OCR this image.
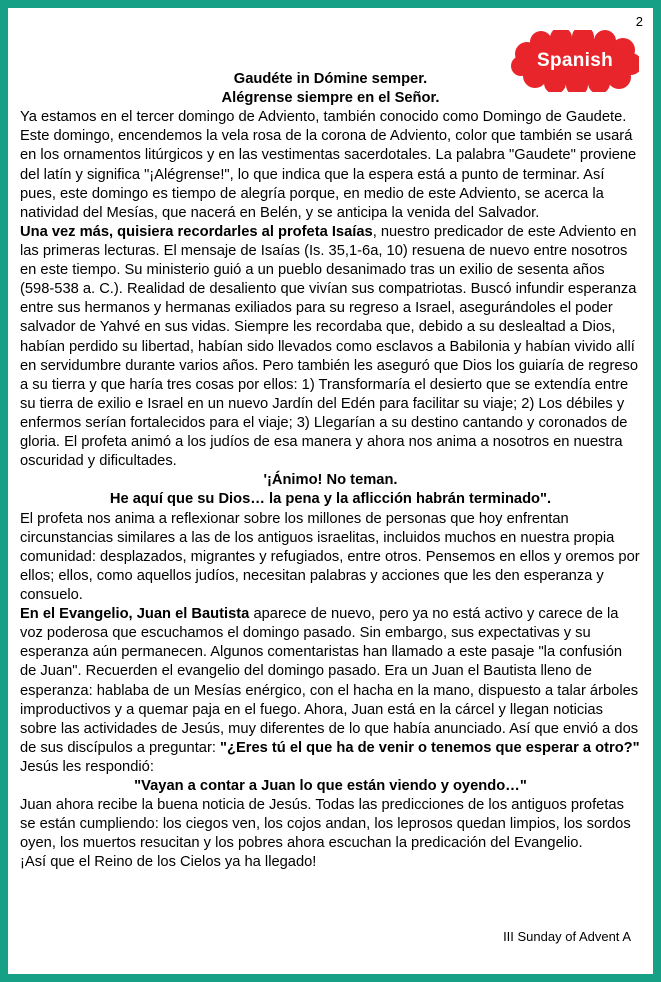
2
Spanish

Gaudéte in Dómine semper.

Alégrense siempre en el Señor.

Ya estamos en el tercer domingo de Adviento, también conocido como Domingo de Gaudete. Este domingo, encendemos la vela rosa de la corona de Adviento, color que también se usará en los ornamentos litúrgicos y en las vestimentas sacerdotales. La palabra "Gaudete" proviene del latín y significa "¡Alégrense!", lo que indica que la espera está a punto de terminar. Así pues, este domingo es tiempo de alegría porque, en medio de este Adviento, se acerca la natividad del Mesías, que nacerá en Belén, y se anticipa la venida del Salvador.

Una vez más, quisiera recordarles al profeta Isaías, nuestro predicador de este Adviento en las primeras lecturas. El mensaje de Isaías (Is. 35,1-6a, 10) resuena de nuevo entre nosotros en este tiempo. Su ministerio guió a un pueblo desanimado tras un exilio de sesenta años (598-538 a. C.). Realidad de desaliento que vivían sus compatriotas. Buscó infundir esperanza entre sus hermanos y hermanas exiliados para su regreso a Israel, asegurándoles el poder salvador de Yahvé en sus vidas. Siempre les recordaba que, debido a su deslealtad a Dios, habían perdido su libertad, habían sido llevados como esclavos a Babilonia y habían vivido allí en servidumbre durante varios años. Pero también les aseguró que Dios los guiaría de regreso a su tierra y que haría tres cosas por ellos: 1) Transformaría el desierto que se extendía entre su tierra de exilio e Israel en un nuevo Jardín del Edén para facilitar su viaje; 2) Los débiles y enfermos serían fortalecidos para el viaje; 3) Llegarían a su destino cantando y coronados de gloria. El profeta animó a los judíos de esa manera y ahora nos anima a nosotros en nuestra oscuridad y dificultades.

'¡Ánimo! No teman.

He aquí que su Dios… la pena y la aflicción habrán terminado".

El profeta nos anima a reflexionar sobre los millones de personas que hoy enfrentan circunstancias similares a las de los antiguos israelitas, incluidos muchos en nuestra propia comunidad: desplazados, migrantes y refugiados, entre otros. Pensemos en ellos y oremos por ellos; ellos, como aquellos judíos, necesitan palabras y acciones que les den esperanza y consuelo.

En el Evangelio, Juan el Bautista aparece de nuevo, pero ya no está activo y carece de la voz poderosa que escuchamos el domingo pasado. Sin embargo, sus expectativas y su esperanza aún permanecen. Algunos comentaristas han llamado a este pasaje "la confusión de Juan". Recuerden el evangelio del domingo pasado. Era un Juan el Bautista lleno de esperanza: hablaba de un Mesías enérgico, con el hacha en la mano, dispuesto a talar árboles improductivos y a quemar paja en el fuego. Ahora, Juan está en la cárcel y llegan noticias sobre las actividades de Jesús, muy diferentes de lo que había anunciado. Así que envió a dos de sus discípulos a preguntar: "¿Eres tú el que ha de venir o tenemos que esperar a otro?"

Jesús les respondió:

"Vayan a contar a Juan lo que están viendo y oyendo…"

Juan ahora recibe la buena noticia de Jesús. Todas las predicciones de los antiguos profetas se están cumpliendo: los ciegos ven, los cojos andan, los leprosos quedan limpios, los sordos oyen, los muertos resucitan y los pobres ahora escuchan la predicación del Evangelio.

¡Así que el Reino de los Cielos ya ha llegado!

III Sunday of Advent A
